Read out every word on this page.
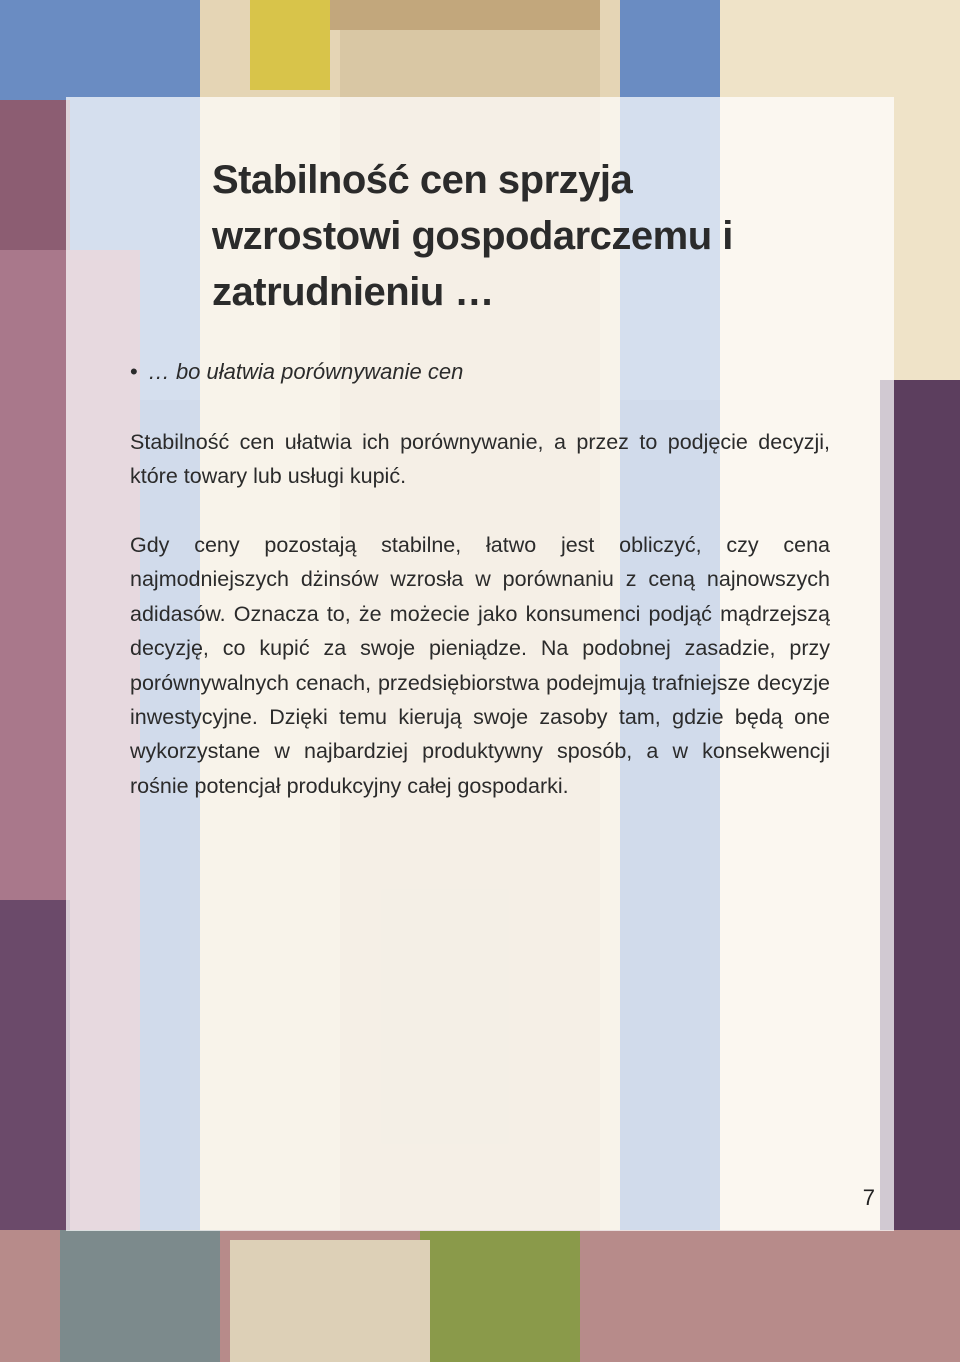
Stabilność cen sprzyja
wzrostowi gospodarczemu i
zatrudnieniu …
• … bo ułatwia porównywanie cen
Stabilność cen ułatwia ich porównywanie, a przez to podjęcie decyzji, które towary lub usługi kupić.
Gdy ceny pozostają stabilne, łatwo jest obliczyć, czy cena najmodniejszych dżinsów wzrosła w porównaniu z ceną najnowszych adidasów. Oznacza to, że możecie jako konsumenci podjąć mądrzejszą decyzję, co kupić za swoje pieniądze. Na podobnej zasadzie, przy porównywalnych cenach, przedsiębiorstwa podejmują trafniejsze decyzje inwestycyjne. Dzięki temu kierują swoje zasoby tam, gdzie będą one wykorzystane w najbardziej produktywny sposób, a w konsekwencji rośnie potencjał produkcyjny całej gospodarki.
7
